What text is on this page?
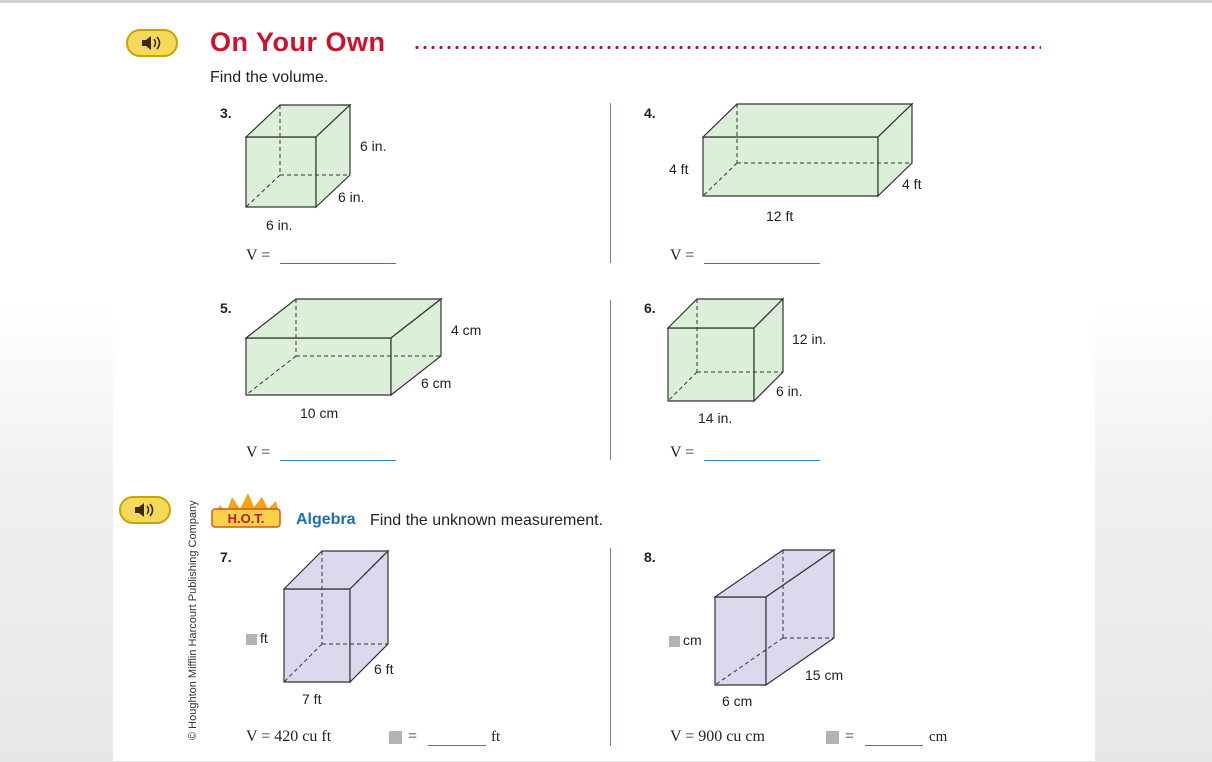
On Your Own
Find the volume.
3.
6 in.
6 in.
6 in.
V =
4.
4 ft
4 ft
12 ft
V =
5.
4 cm
6 cm
10 cm
V =
6.
12 in.
6 in.
14 in.
V =
H.O.T. Algebra Find the unknown measurement.
7.
ft
6 ft
7 ft
V = 420 cu ft	=	ft
8.
cm
15 cm
6 cm
V = 900 cu cm	=	cm
© Houghton Mifflin Harcourt Publishing Company
